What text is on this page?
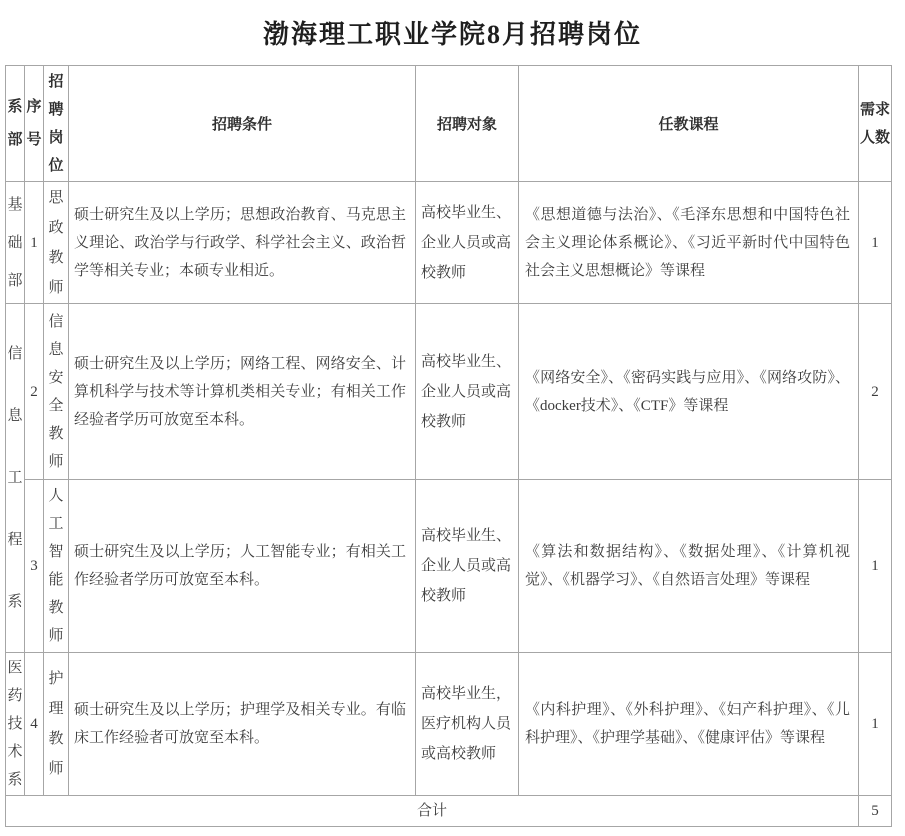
渤海理工职业学院8月招聘岗位
系部	序号	招聘岗位	招聘条件	招聘对象	任教课程	需求人数
基础部	1	思政教师	硕士研究生及以上学历；思想政治教育、马克思主义理论、政治学与行政学、科学社会主义、政治哲学等相关专业；本硕专业相近。	高校毕业生、企业人员或高校教师	《思想道德与法治》、《毛泽东思想和中国特色社会主义理论体系概论》、《习近平新时代中国特色社会主义思想概论》等课程	1
信息工程系	2	信息安全教师	硕士研究生及以上学历；网络工程、网络安全、计算机科学与技术等计算机类相关专业；有相关工作经验者学历可放宽至本科。	高校毕业生、企业人员或高校教师	《网络安全》、《密码实践与应用》、《网络攻防》、《docker技术》、《CTF》等课程	2
	3	人工智能教师	硕士研究生及以上学历；人工智能专业；有相关工作经验者学历可放宽至本科。	高校毕业生、企业人员或高校教师	《算法和数据结构》、《数据处理》、《计算机视觉》、《机器学习》、《自然语言处理》等课程	1
医药技术系	4	护理教师	硕士研究生及以上学历；护理学及相关专业。有临床工作经验者可放宽至本科。	高校毕业生，医疗机构人员或高校教师	《内科护理》、《外科护理》、《妇产科护理》、《儿科护理》、《护理学基础》、《健康评估》等课程	1
合计						5
